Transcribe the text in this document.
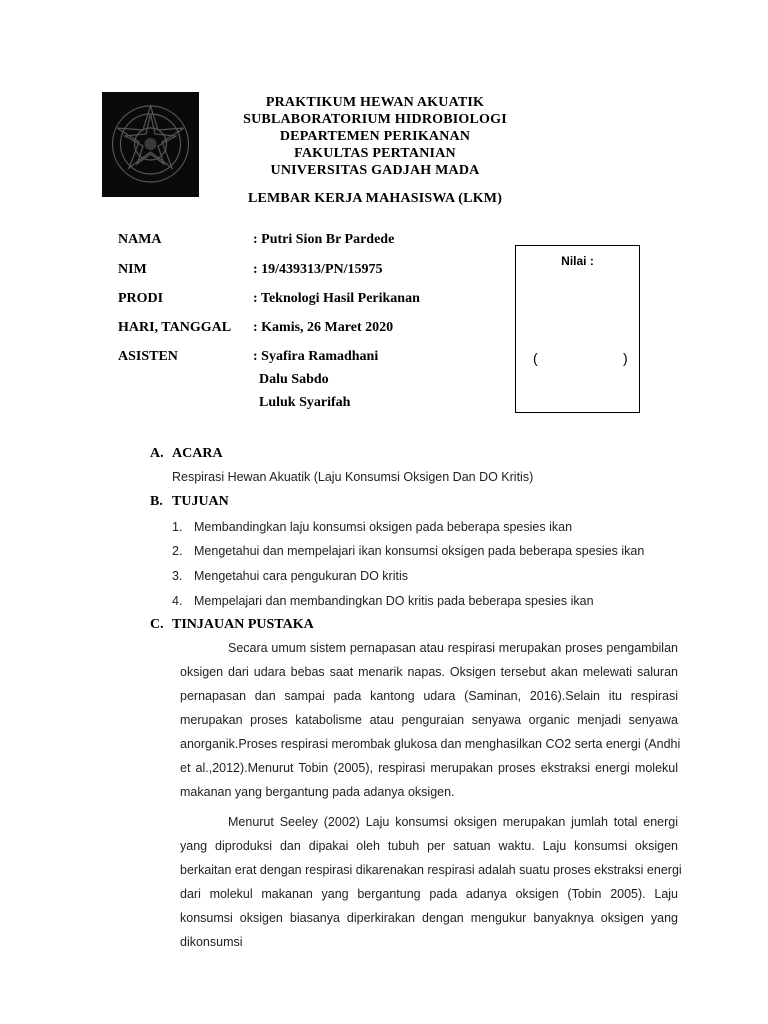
PRAKTIKUM HEWAN AKUATIK
SUBLABORATORIUM HIDROBIOLOGI
DEPARTEMEN PERIKANAN
FAKULTAS PERTANIAN
UNIVERSITAS GADJAH MADA
LEMBAR KERJA MAHASISWA (LKM)
NAMA	: Putri Sion Br Pardede
NIM	: 19/439313/PN/15975
PRODI	: Teknologi Hasil Perikanan
HARI, TANGGAL : Kamis, 26 Maret 2020
ASISTEN	: Syafira Ramadhani
Dalu Sabdo
Luluk Syarifah
Nilai :
(	)
A. ACARA
Respirasi Hewan Akuatik (Laju Konsumsi Oksigen Dan DO Kritis)
B. TUJUAN
1. Membandingkan laju konsumsi oksigen pada beberapa spesies ikan
2. Mengetahui dan mempelajari ikan konsumsi oksigen pada beberapa spesies ikan
3. Mengetahui cara pengukuran DO kritis
4. Mempelajari dan membandingkan DO kritis pada beberapa spesies ikan
C. TINJAUAN PUSTAKA
Secara umum sistem pernapasan atau respirasi merupakan proses pengambilan
oksigen dari udara bebas saat menarik napas. Oksigen tersebut akan melewati saluran
pernapasan dan sampai pada kantong udara (Saminan, 2016).Selain itu respirasi
merupakan proses katabolisme atau penguraian senyawa organic menjadi senyawa
anorganik.Proses respirasi merombak glukosa dan menghasilkan CO2 serta energi (Andhi
et al.,2012).Menurut Tobin (2005), respirasi merupakan proses ekstraksi energi molekul
makanan yang bergantung pada adanya oksigen.
Menurut Seeley (2002) Laju konsumsi oksigen merupakan jumlah total energi
yang diproduksi dan dipakai oleh tubuh per satuan waktu. Laju konsumsi oksigen
berkaitan erat dengan respirasi dikarenakan respirasi adalah suatu proses ekstraksi energi
dari molekul makanan yang bergantung pada adanya oksigen (Tobin 2005). Laju
konsumsi oksigen biasanya diperkirakan dengan mengukur banyaknya oksigen yang
dikonsumsi
